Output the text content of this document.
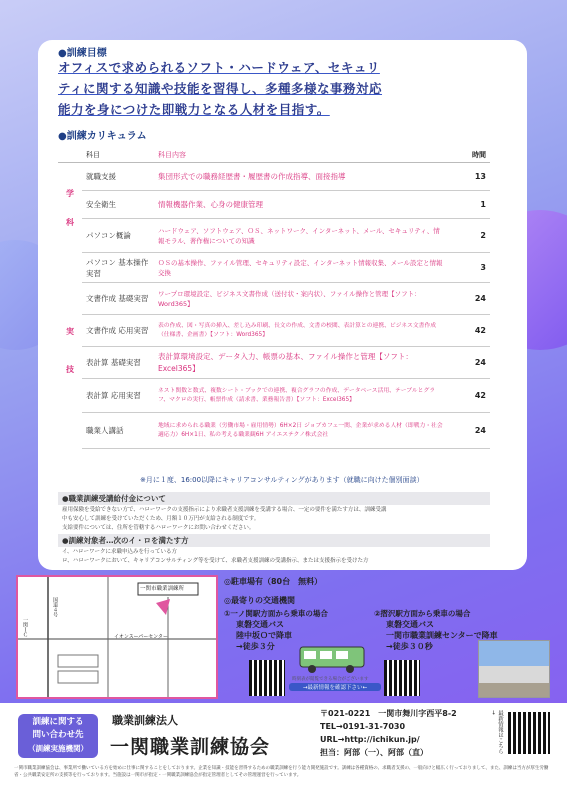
●訓練目標
オフィスで求められるソフト・ハードウェア、セキュリ
ティに関する知識や技能を習得し、多種多様な事務対応
能力を身につけた即戦力となる人材を目指す。
●訓練カリキュラム
	科目	科目内容	時間
学

科	就職支援	集団形式での職務経歴書・履歴書の作成指導、面接指導	13
	安全衛生	情報機器作業、心身の健康管理	1
	パソコン概論	ハードウェア、ソフトウェア、ＯＳ、ネットワーク、インターネット、メール、セキュリティ、情報モラル、著作権についての知識	2
実

技	パソコン 基本操作実習	ＯＳの基本操作、ファイル管理、セキュリティ設定、インターネット情報収集、メール設定と情報交換	3
	文書作成 基礎実習	ワープロ環境設定、ビジネス文書作成（送付状・案内状）、ファイル操作と管理【ソフト：Word365】	24
	文書作成 応用実習	表の作成、図・写真の挿入、差し込み印刷、長文の作成、文書の校閲、表計算との連携、ビジネス文書作成（仕様書、企画書）【ソフト：Word365】	42
	表計算 基礎実習	表計算環境設定、データ入力、帳票の基本、ファイル操作と管理【ソフト：Excel365】	24
	表計算 応用実習	ネスト関数と数式、複数シート・ブックでの連携、複合グラフの作成、データベース活用、テーブルとグラフ、マクロの実行、帳票作成（請求書、業務報告書）【ソフト：Excel365】	42
	職業人講話	地域に求められる職業（労働市場・雇用情勢）6H×2日 ジョブカフェ一関、企業が求める人材（即戦力・社会適応力）6H×1日、私の考える職業観6H アイエステクノ株式会社	24
※月に１度、16:00以降にキャリアコンサルティングがあります（就職に向けた個別面談）
●職業訓練受講給付金について
雇用保険を受給できない方で、ハローワークの支援指示により求職者支援訓練を受講する場合、一定の要件を満たす方は、訓練受講
中も安心して訓練を受けていただくため、月額１０万円が支給される制度です。
支給要件については、住所を管轄するハローワークにお問い合わせください。
●訓練対象者…次のイ・ロを満たす方
イ、ハローワークに求職申込みを行っている方
ロ、ハローワークにおいて、キャリアコンサルティング等を受けて、求職者支援訓練の受講指示、または支援指示を受けた方
一関市職業訓練所
イオンスーパーセンター
一関ＩＣ
国道４号
◎駐車場有（80台　無料）
◎最寄りの交通機関
①一ノ関駅方面から乗車の場合
東磐交通バス
陸中坂Ｏで降車
→徒歩３分
②摺沢駅方面から乗車の場合
東磐交通バス
一関市職業訓練センターで降車
→徒歩３０秒
時刻表が閲覧できる場合がございます
→最新情報を確認下さい←
訓練に関する
問い合わせ先
（訓練実施機関）
職業訓練法人
一関職業訓練協会
〒021-0221　一関市舞川字西平8-2
TEL→0191-31-7030
URL→http://ichikun.jp/
担当：阿部（一）、阿部（直）	最新情報はこちら→
一関市職業訓練協会は、事業所で働いている方を始めに仕事に関することをしております。企業を知識・技能を習得するための職業訓練を行う能力開発施設です。訓練は各種資格の、求職者支援の、一般向けと幅広く行っておりまして、また、訓練は当方が厚生労働省・公共職業安定所の支援等を行っております。当施設は一関市が指定・一関職業訓練協会が指定管理者としてその管理運営を行っています。
